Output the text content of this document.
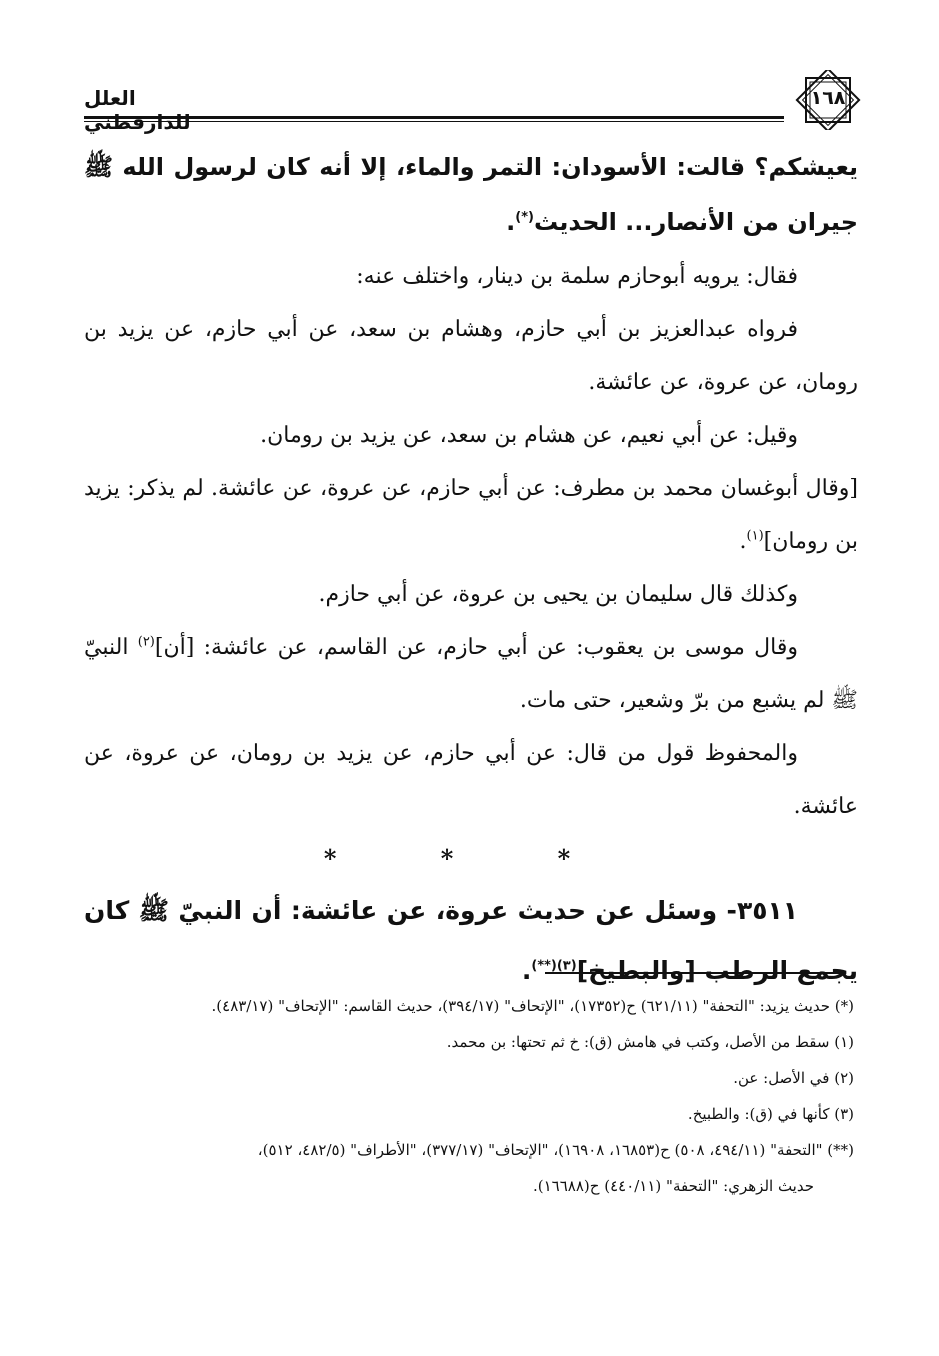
١٦٨
العلل للدارقطني

يعيشكم؟ قالت: الأسودان: التمر والماء، إلا أنه كان لرسول الله ﷺ جيران من الأنصار... الحديث(*).

فقال: يرويه أبوحازم سلمة بن دينار، واختلف عنه:

فرواه عبدالعزيز بن أبي حازم، وهشام بن سعد، عن أبي حازم، عن يزيد بن رومان، عن عروة، عن عائشة.

وقيل: عن أبي نعيم، عن هشام بن سعد، عن يزيد بن رومان.

[وقال أبوغسان محمد بن مطرف: عن أبي حازم، عن عروة، عن عائشة. لم يذكر: يزيد بن رومان]$^{(١)}$.

وكذلك قال سليمان بن يحيى بن عروة، عن أبي حازم.

وقال موسى بن يعقوب: عن أبي حازم، عن القاسم، عن عائشة: [أن]$^{(٢)}$ النبيّ ﷺ لم يشبع من برّ وشعير، حتى مات.

والمحفوظ قول من قال: عن أبي حازم، عن يزيد بن رومان، عن عروة، عن عائشة.

* * *

٣٥١١- وسئل عن حديث عروة، عن عائشة: أن النبيّ ﷺ كان يجمع الرطب [والبطيخ]$^{(٣)(**)}$.

(*) حديث يزيد: "التحفة" (٦٢١/١١) ح(١٧٣٥٢)، "الإتحاف" (٣٩٤/١٧)، حديث القاسم: "الإتحاف" (٤٨٣/١٧).

(١) سقط من الأصل، وكتب في هامش (ق): خ ثم تحتها: بن محمد.

(٢) في الأصل: عن.

(٣) كأنها في (ق): والطبيخ.

(**) "التحفة" (٤٩٤/١١، ٥٠٨) ح(١٦٨٥٣، ١٦٩٠٨)، "الإتحاف" (٣٧٧/١٧)، "الأطراف" (٤٨٢/٥، ٥١٢)،

حديث الزهري: "التحفة" (٤٤٠/١١) ح(١٦٦٨٨).
